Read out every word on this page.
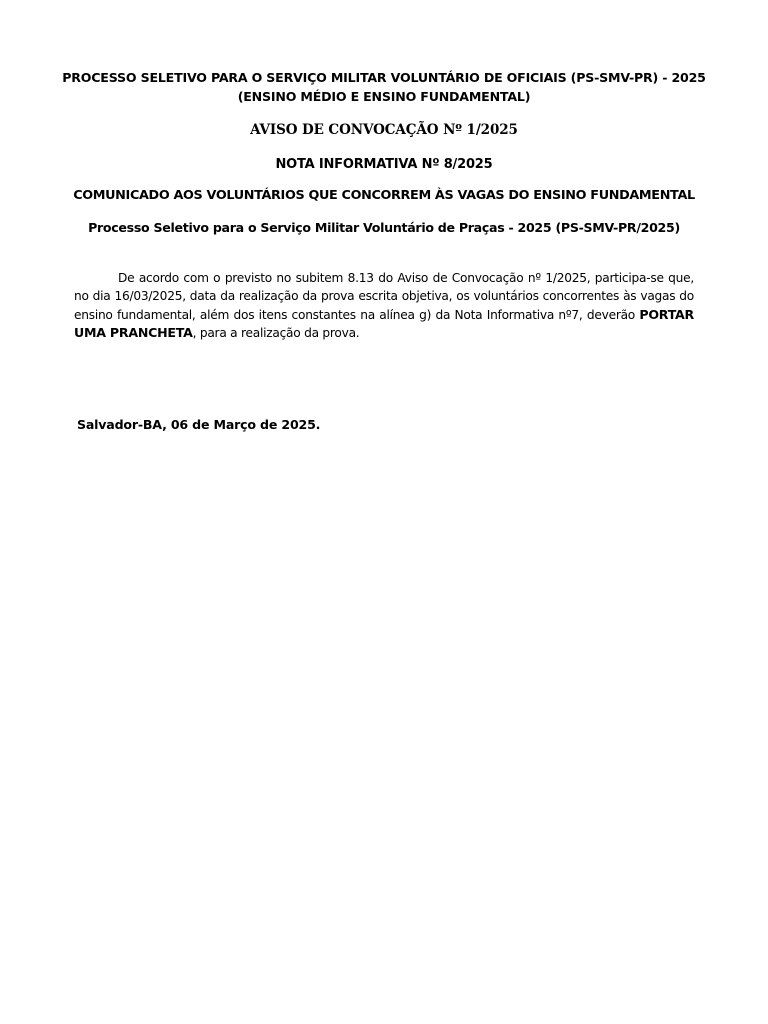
PROCESSO SELETIVO PARA O SERVIÇO MILITAR VOLUNTÁRIO DE OFICIAIS (PS-SMV-PR) - 2025
(ENSINO MÉDIO E ENSINO FUNDAMENTAL)
AVISO DE CONVOCAÇÃO Nº 1/2025
NOTA INFORMATIVA Nº 8/2025
COMUNICADO AOS VOLUNTÁRIOS QUE CONCORREM ÀS VAGAS DO ENSINO FUNDAMENTAL
Processo Seletivo para o Serviço Militar Voluntário de Praças - 2025 (PS-SMV-PR/2025)

De acordo com o previsto no subitem 8.13 do Aviso de Convocação nº 1/2025, participa-se que, no dia 16/03/2025, data da realização da prova escrita objetiva, os voluntários concorrentes às vagas do ensino fundamental, além dos itens constantes na alínea g) da Nota Informativa nº7, deverão PORTAR UMA PRANCHETA, para a realização da prova.

Salvador-BA, 06 de Março de 2025.
